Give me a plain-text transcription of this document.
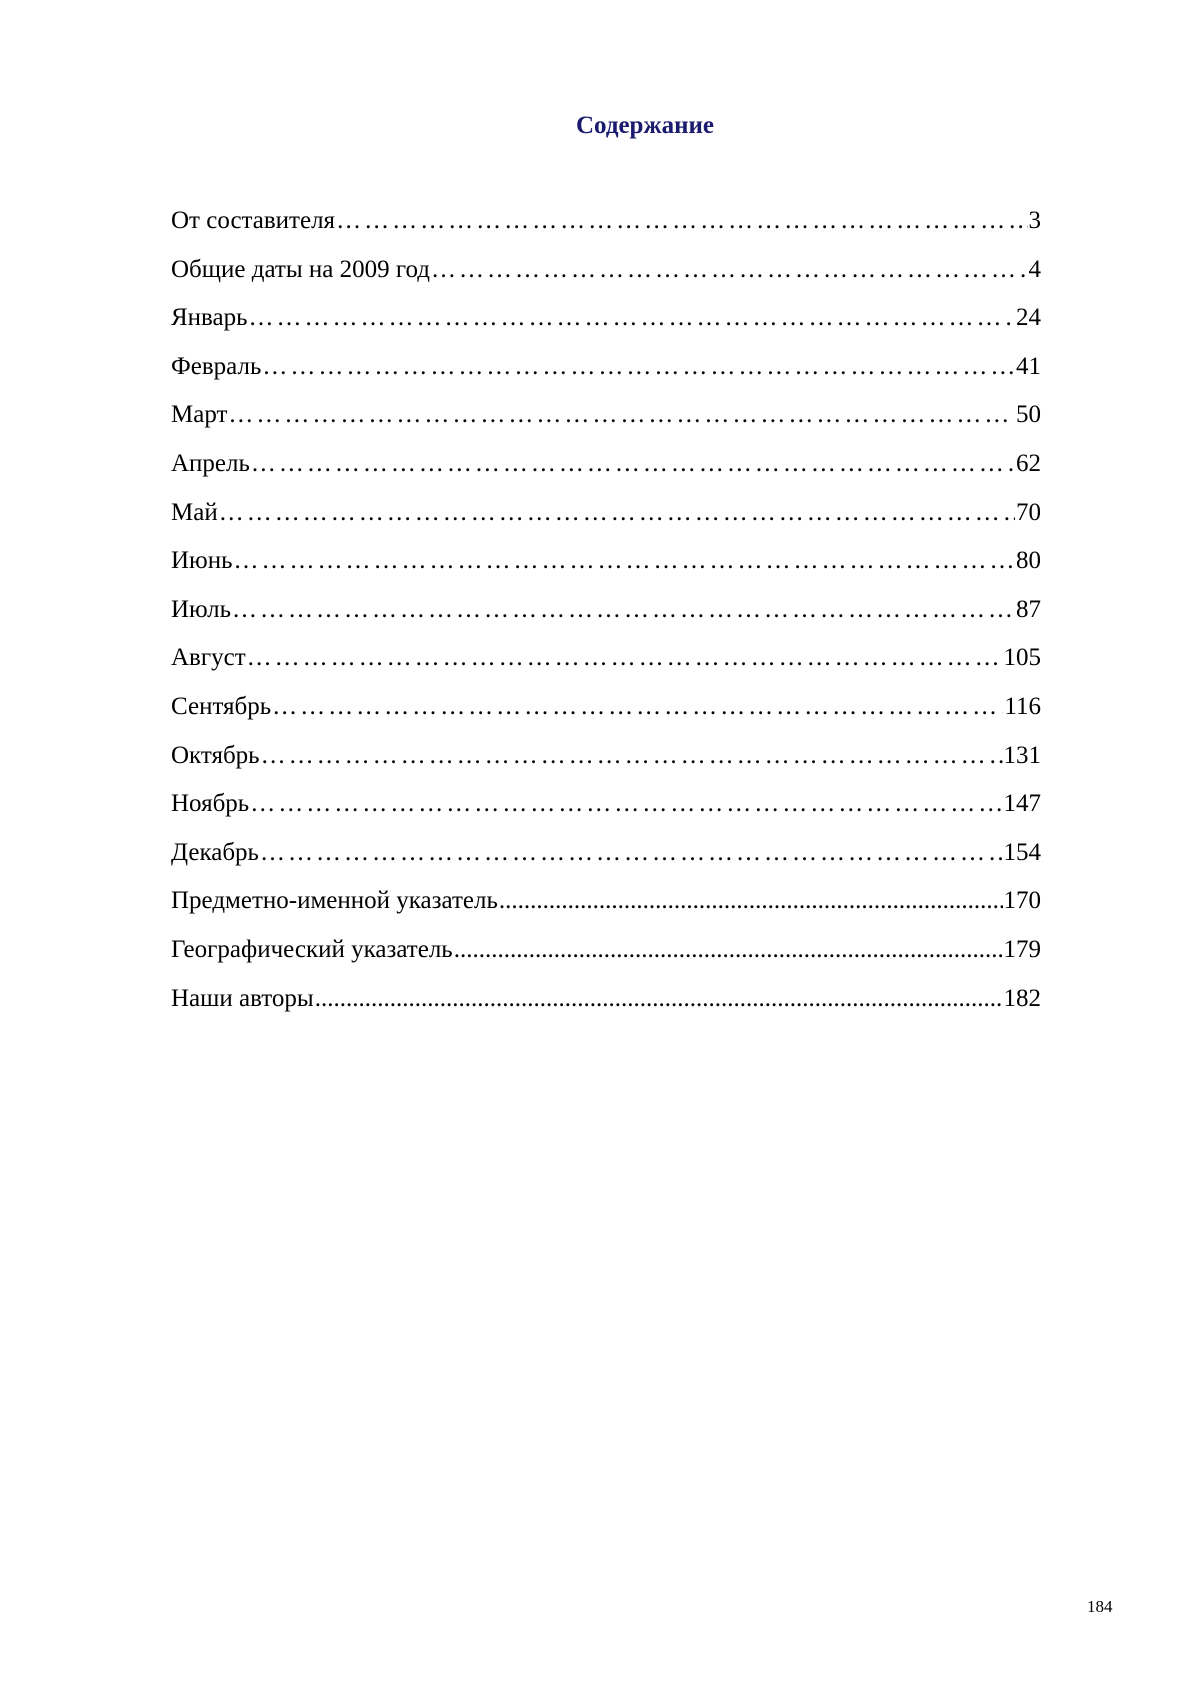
Содержание
От составителя …………………………………………………………………………………………………………………………	3
Общие даты на 2009 год …………………………………………………………………………………………………………………………	4
Январь …………………………………………………………………………………………………………………………	24
Февраль …………………………………………………………………………………………………………………………	41
Март …………………………………………………………………………………………………………………………	50
Апрель …………………………………………………………………………………………………………………………	62
Май …………………………………………………………………………………………………………………………	70
Июнь …………………………………………………………………………………………………………………………	80
Июль …………………………………………………………………………………………………………………………	87
Август …………………………………………………………………………………………………………………………	105
Сентябрь …………………………………………………………………………………………………………………………	116
Октябрь …………………………………………………………………………………………………………………………	131
Ноябрь …………………………………………………………………………………………………………………………	147
Декабрь …………………………………………………………………………………………………………………………	154
Предметно-именной указатель .....	170
Географический указатель .....	179
Наши авторы .....	182
184
